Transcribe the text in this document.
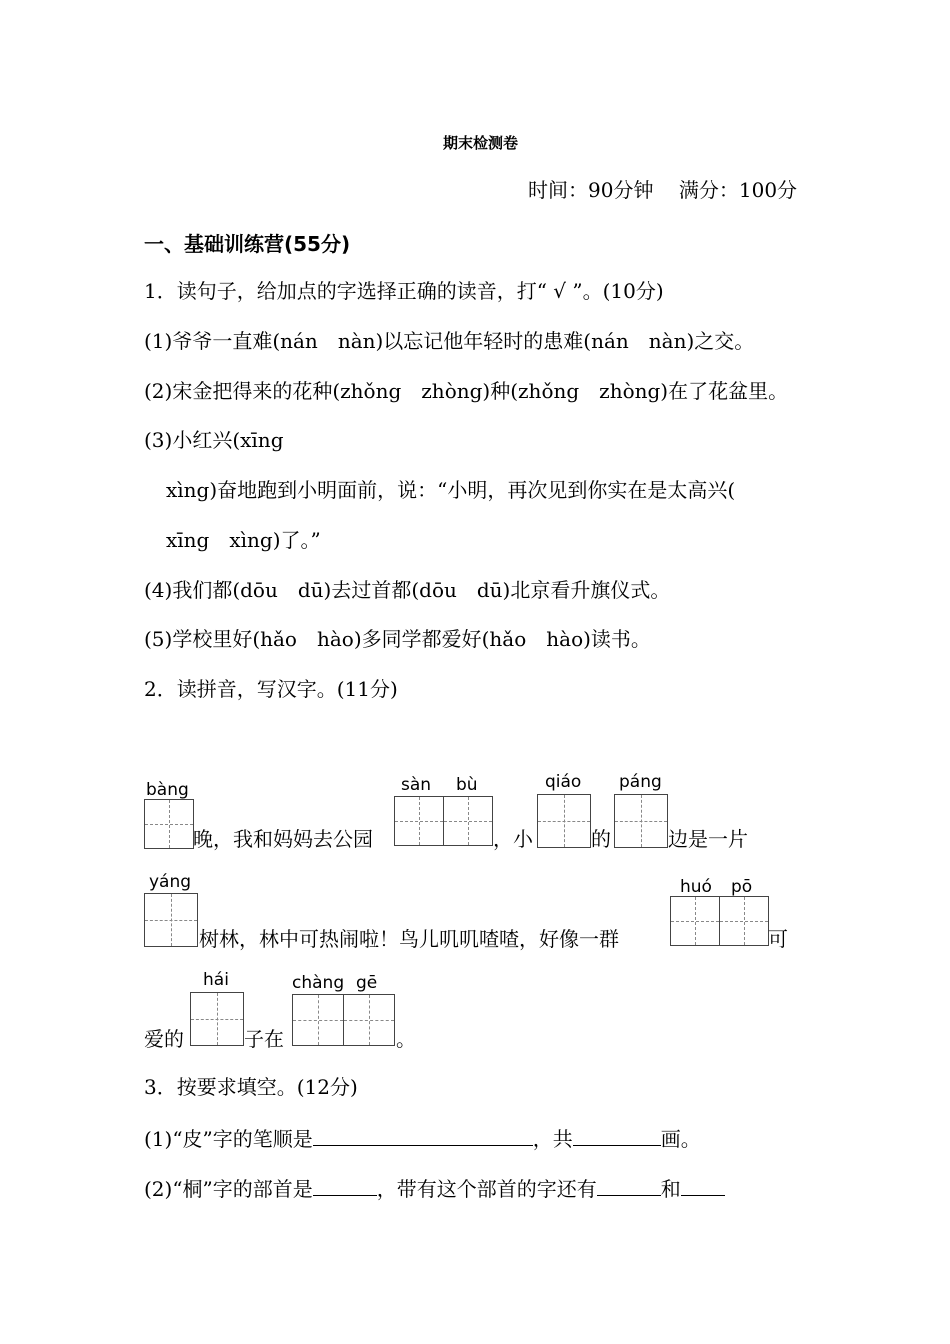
期末检测卷
时间：90分钟    满分：100分
一、基础训练营(55分)
1．读句子，给加点的字选择正确的读音，打“ √ ”。(10分)
(1)爷爷一直难(nán　nàn)以忘记他年轻时的患难(nán　nàn)之交。
(2)宋金把得来的花种(zhǒng　zhòng)种(zhǒng　zhòng)在了花盆里。
(3)小红兴(xīng
xìng)奋地跑到小明面前，说：“小明，再次见到你实在是太高兴(
xīng　xìng)了。”
(4)我们都(dōu　dū)去过首都(dōu　dū)北京看升旗仪式。
(5)学校里好(hǎo　hào)多同学都爱好(hǎo　hào)读书。
2．读拼音，写汉字。(11分)
bàng	sàn bù	qiáo páng
晚，我和妈妈去公园	，小	的	边是一片
yáng
树林，林中可热闹啦！鸟儿叽叽喳喳，好像一群
huó pō
可
爱的
hái
子在
chàng gē
。
3．按要求填空。(12分)
(1)“皮”字的笔顺是	，共	画。
(2)“桐”字的部首是	，带有这个部首的字还有	和
